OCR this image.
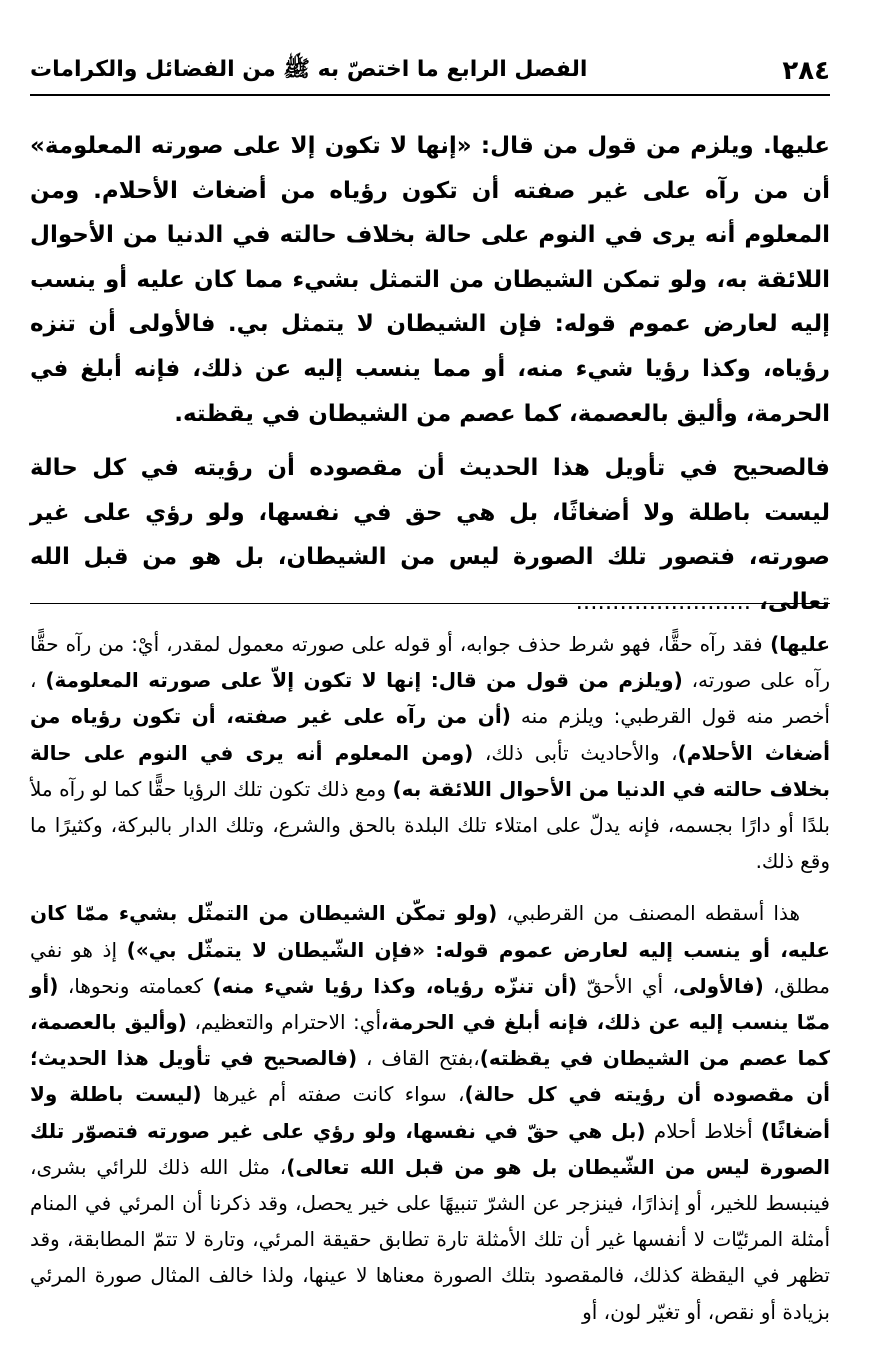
٢٨٤
الفصل الرابع ما اختصّ به ﷺ من الفضائل والكرامات

عليها. ويلزم من قول من قال: «إنها لا تكون إلا على صورته المعلومة» أن من رآه على غير صفته أن تكون رؤياه من أضغاث الأحلام. ومن المعلوم أنه يرى في النوم على حالة بخلاف حالته في الدنيا من الأحوال اللائقة به، ولو تمكن الشيطان من التمثل بشيء مما كان عليه أو ينسب إليه لعارض عموم قوله: فإن الشيطان لا يتمثل بي. فالأولى أن تنزه رؤياه، وكذا رؤيا شيء منه، أو مما ينسب إليه عن ذلك، فإنه أبلغ في الحرمة، وأليق بالعصمة، كما عصم من الشيطان في يقظته.

فالصحيح في تأويل هذا الحديث أن مقصوده أن رؤيته في كل حالة ليست باطلة ولا أضغاثًا، بل هي حق في نفسها، ولو رؤي على غير صورته، فتصور تلك الصورة ليس من الشيطان، بل هو من قبل الله تعالى، ........................

عليها) فقد رآه حقًّا، فهو شرط حذف جوابه، أو قوله على صورته معمول لمقدر، أيْ: من رآه حقًّا رآه على صورته، (ويلزم من قول من قال: إنها لا تكون إلاّ على صورته المعلومة) ، أخصر منه قول القرطبي: ويلزم منه (أن من رآه على غير صفته، أن تكون رؤياه من أضغاث الأحلام)، والأحاديث تأبى ذلك، (ومن المعلوم أنه يرى في النوم على حالة بخلاف حالته في الدنيا من الأحوال اللائقة به) ومع ذلك تكون تلك الرؤيا حقًّا كما لو رآه ملأ بلدًا أو دارًا بجسمه، فإنه يدلّ على امتلاء تلك البلدة بالحق والشرع، وتلك الدار بالبركة، وكثيرًا ما وقع ذلك.

هذا أسقطه المصنف من القرطبي، (ولو تمكّن الشيطان من التمثّل بشيء ممّا كان عليه، أو ينسب إليه لعارض عموم قوله: «فإن الشّيطان لا يتمثّل بي») إذ هو نفي مطلق، (فالأولى، أي الأحقّ (أن تنزّه رؤياه، وكذا رؤيا شيء منه) كعمامته ونحوها، (أو ممّا ينسب إليه عن ذلك، فإنه أبلغ في الحرمة،أي: الاحترام والتعظيم، (وأليق بالعصمة، كما عصم من الشيطان في يقظته)،بفتح القاف ، (فالصحيح في تأويل هذا الحديث؛ أن مقصوده أن رؤيته في كل حالة)، سواء كانت صفته أم غيرها (ليست باطلة ولا أضغاثًا) أخلاط أحلام (بل هي حقّ في نفسها، ولو رؤي على غير صورته فتصوّر تلك الصورة ليس من الشّيطان بل هو من قبل الله تعالى)، مثل الله ذلك للرائي بشرى، فينبسط للخير، أو إنذارًا، فينزجر عن الشرّ تنبيهًا على خير يحصل، وقد ذكرنا أن المرئي في المنام أمثلة المرئيّات لا أنفسها غير أن تلك الأمثلة تارة تطابق حقيقة المرئي، وتارة لا تتمّ المطابقة، وقد تظهر في اليقظة كذلك، فالمقصود بتلك الصورة معناها لا عينها، ولذا خالف المثال صورة المرئي بزيادة أو نقص، أو تغيّر لون، أو
